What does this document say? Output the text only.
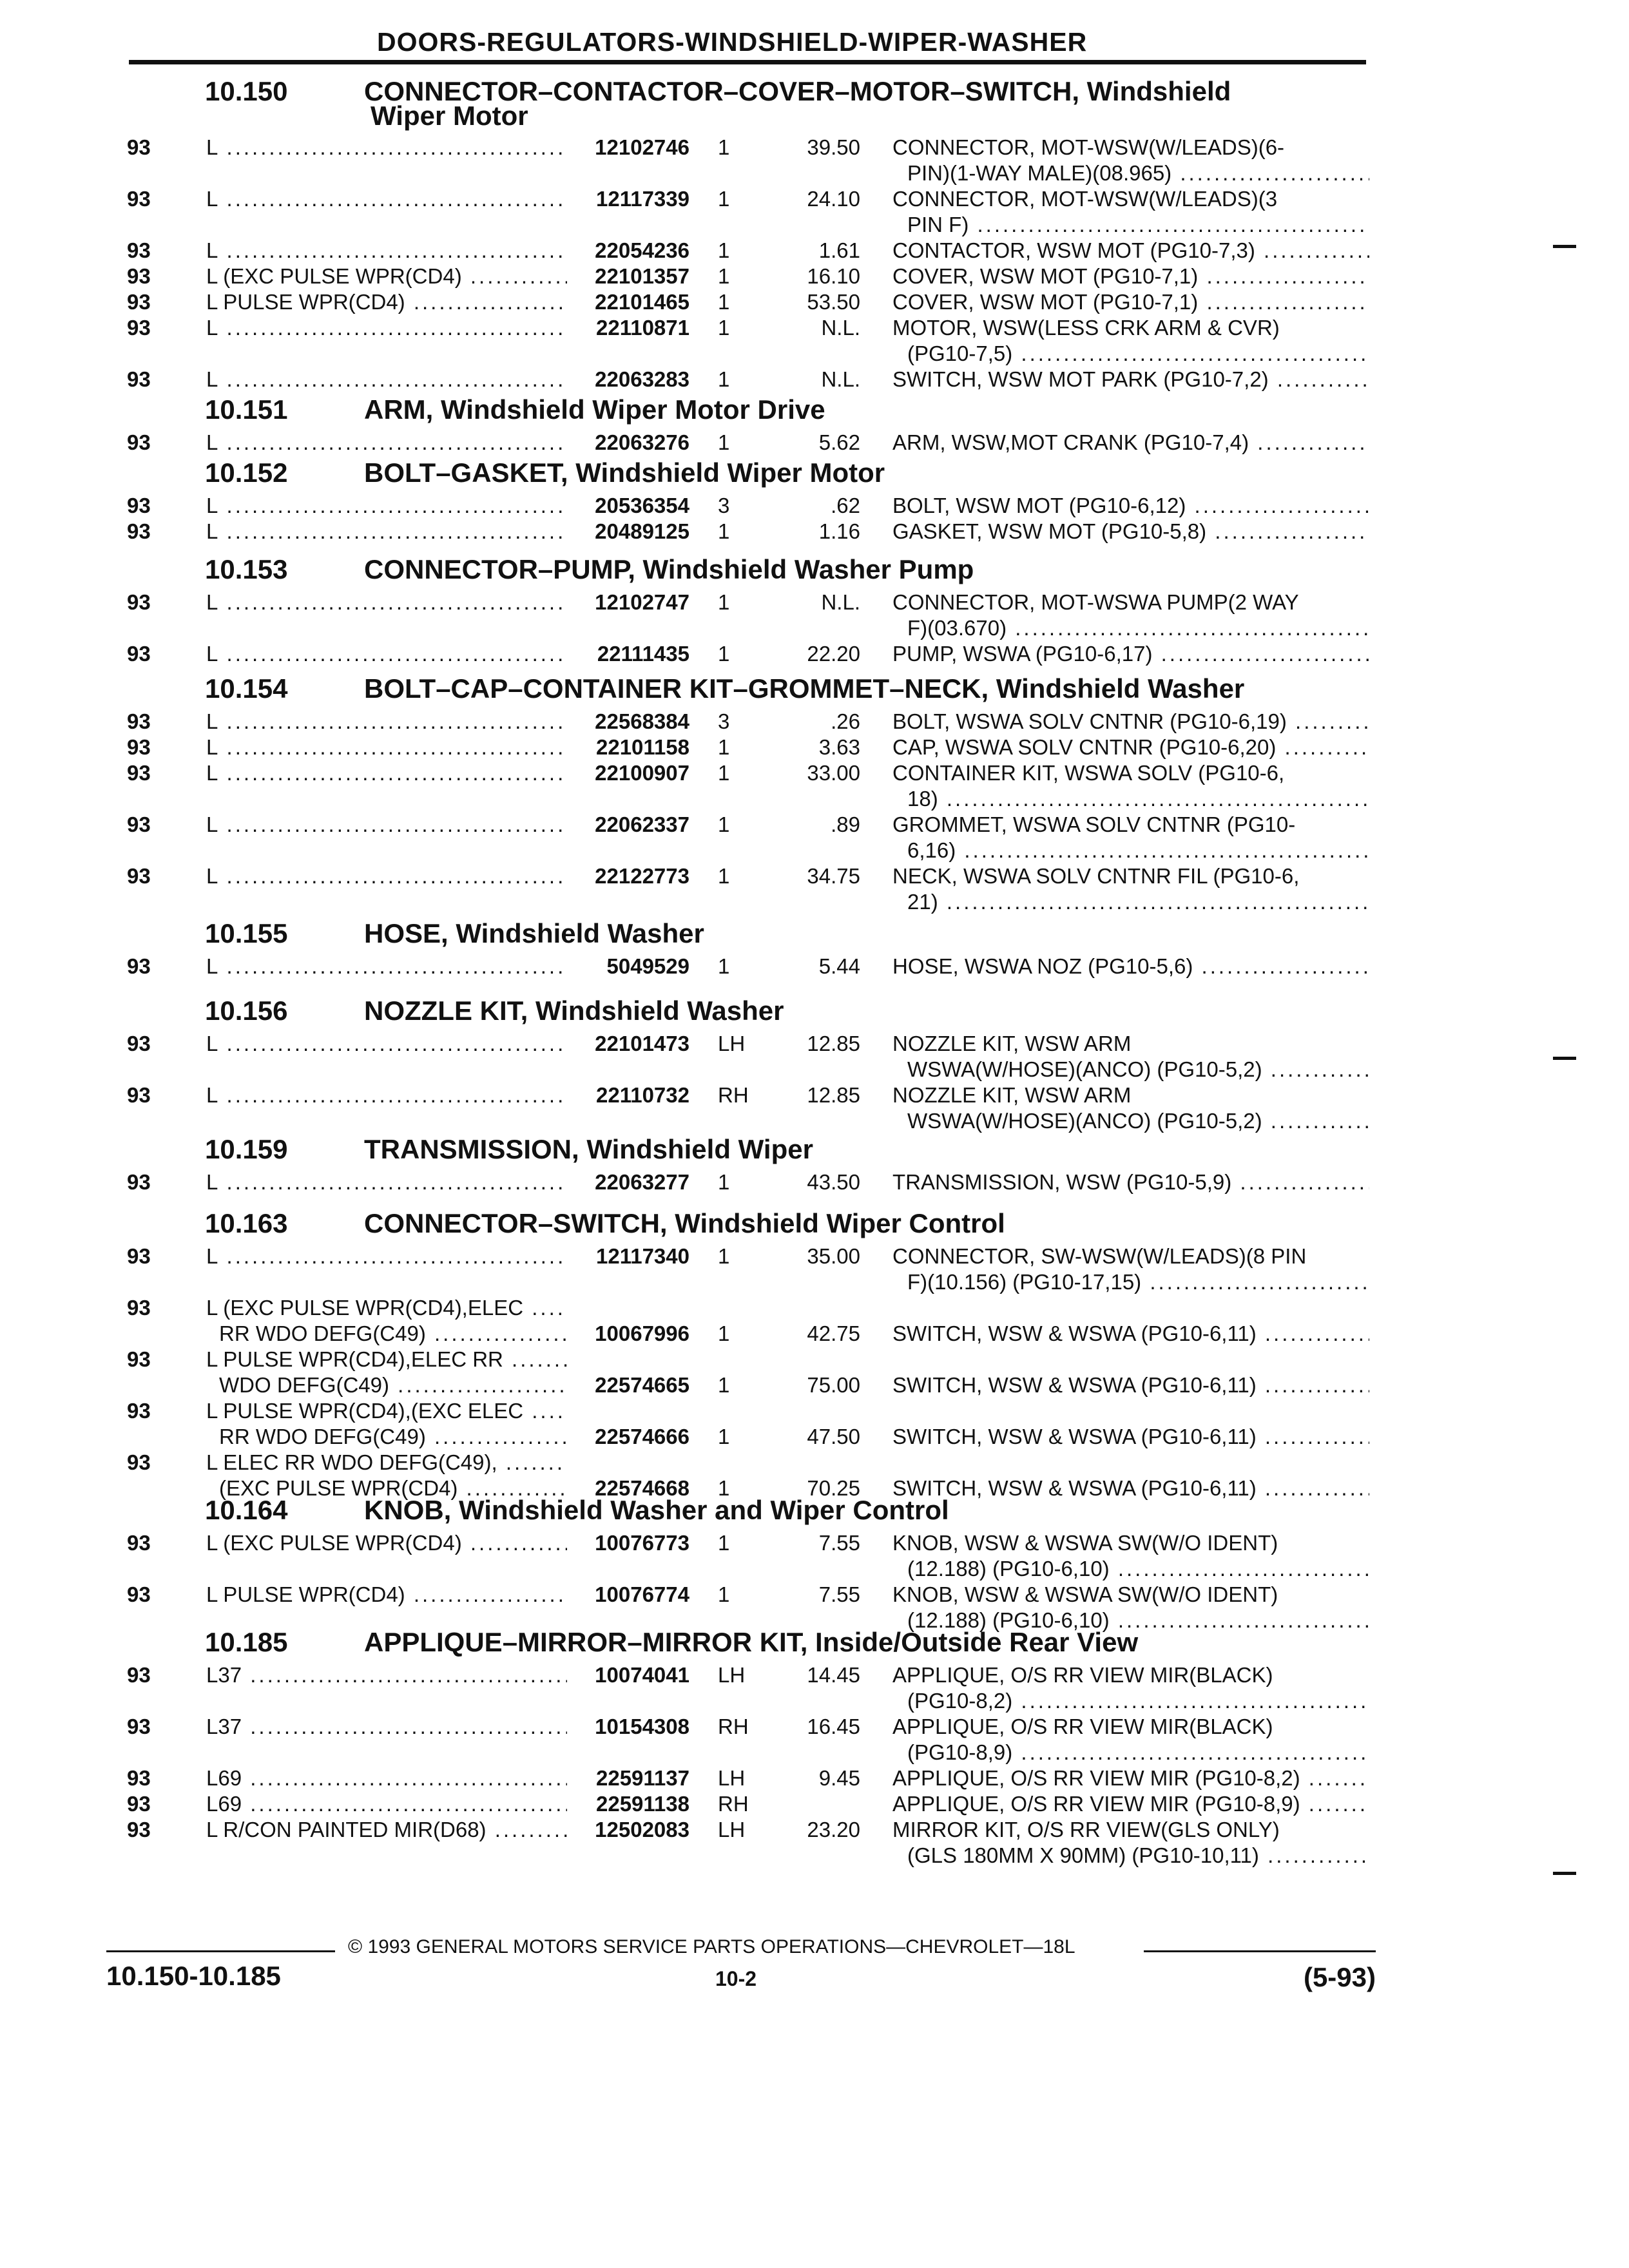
DOORS-REGULATORS-WINDSHIELD-WIPER-WASHER
10.150	CONNECTOR–CONTACTOR–COVER–MOTOR–SWITCH, Windshield
Wiper Motor
93	L .....	12102746 1	39.50 CONNECTOR, MOT-WSW(W/LEADS)(6-
PIN)(1-WAY MALE)(08.965) .....
93	L .....	12117339 1	24.10 CONNECTOR, MOT-WSW(W/LEADS)(3
PIN F) .....
93	L .....	22054236 1	1.61 CONTACTOR, WSW MOT (PG10-7,3) .....
93	L (EXC PULSE WPR(CD4) .....	22101357 1	16.10 COVER, WSW MOT (PG10-7,1) .....
93	L PULSE WPR(CD4) .....	22101465 1	53.50 COVER, WSW MOT (PG10-7,1) .....
93	L .....	22110871 1	N.L. MOTOR, WSW(LESS CRK ARM & CVR)
(PG10-7,5) .....
93	L .....	22063283 1	N.L. SWITCH, WSW MOT PARK (PG10-7,2) .....
10.151	ARM, Windshield Wiper Motor Drive
93	L .....	22063276 1	5.62 ARM, WSW,MOT CRANK (PG10-7,4) .....
10.152	BOLT–GASKET, Windshield Wiper Motor
93	L .....	20536354 3	.62 BOLT, WSW MOT (PG10-6,12) .....
93	L .....	20489125 1	1.16 GASKET, WSW MOT (PG10-5,8) .....
10.153	CONNECTOR–PUMP, Windshield Washer Pump
93	L .....	12102747 1	N.L. CONNECTOR, MOT-WSWA PUMP(2 WAY
F)(03.670) .....
93	L .....	22111435 1	22.20 PUMP, WSWA (PG10-6,17) .....
10.154	BOLT–CAP–CONTAINER KIT–GROMMET–NECK, Windshield Washer
93	L .....	22568384 3	.26 BOLT, WSWA SOLV CNTNR (PG10-6,19) .....
93	L .....	22101158 1	3.63 CAP, WSWA SOLV CNTNR (PG10-6,20) .....
93	L .....	22100907 1	33.00 CONTAINER KIT, WSWA SOLV (PG10-6,
18) .....
93	L .....	22062337 1	.89 GROMMET, WSWA SOLV CNTNR (PG10-
6,16) .....
93	L .....	22122773 1	34.75 NECK, WSWA SOLV CNTNR FIL (PG10-6,
21) .....
10.155	HOSE, Windshield Washer
93	L .....	5049529 1	5.44 HOSE, WSWA NOZ (PG10-5,6) .....
10.156	NOZZLE KIT, Windshield Washer
93	L .....	22101473 LH	12.85 NOZZLE KIT, WSW ARM
WSWA(W/HOSE)(ANCO) (PG10-5,2) .....
93	L .....	22110732 RH	12.85 NOZZLE KIT, WSW ARM
WSWA(W/HOSE)(ANCO) (PG10-5,2) .....
10.159	TRANSMISSION, Windshield Wiper
93	L .....	22063277 1	43.50 TRANSMISSION, WSW (PG10-5,9) .....
10.163	CONNECTOR–SWITCH, Windshield Wiper Control
93	L .....	12117340 1	35.00 CONNECTOR, SW-WSW(W/LEADS)(8 PIN
F)(10.156) (PG10-17,15) .....
93	L (EXC PULSE WPR(CD4),ELEC .....
RR WDO DEFG(C49) .....	10067996 1	42.75 SWITCH, WSW & WSWA (PG10-6,11) .....
93	L PULSE WPR(CD4),ELEC RR .....
WDO DEFG(C49) .....	22574665 1	75.00 SWITCH, WSW & WSWA (PG10-6,11) .....
93	L PULSE WPR(CD4),(EXC ELEC .....
RR WDO DEFG(C49) .....	22574666 1	47.50 SWITCH, WSW & WSWA (PG10-6,11) .....
93	L ELEC RR WDO DEFG(C49), .....
(EXC PULSE WPR(CD4) .....	22574668 1	70.25 SWITCH, WSW & WSWA (PG10-6,11) .....
10.164	KNOB, Windshield Washer and Wiper Control
93	L (EXC PULSE WPR(CD4) .....	10076773 1	7.55 KNOB, WSW & WSWA SW(W/O IDENT)
(12.188) (PG10-6,10) .....
93	L PULSE WPR(CD4) .....	10076774 1	7.55 KNOB, WSW & WSWA SW(W/O IDENT)
(12.188) (PG10-6,10) .....
10.185	APPLIQUE–MIRROR–MIRROR KIT, Inside/Outside Rear View
93	L37 .....	10074041 LH	14.45 APPLIQUE, O/S RR VIEW MIR(BLACK)
(PG10-8,2) .....
93	L37 .....	10154308 RH	16.45 APPLIQUE, O/S RR VIEW MIR(BLACK)
(PG10-8,9) .....
93	L69 .....	22591137 LH	9.45 APPLIQUE, O/S RR VIEW MIR (PG10-8,2) .....
93	L69 .....	22591138 RH	APPLIQUE, O/S RR VIEW MIR (PG10-8,9) .....
93	L R/CON PAINTED MIR(D68) .....	12502083 LH	23.20 MIRROR KIT, O/S RR VIEW(GLS ONLY)
(GLS 180MM X 90MM) (PG10-10,11) .....
© 1993 GENERAL MOTORS SERVICE PARTS OPERATIONS—CHEVROLET—18L
10.150-10.185	10-2	(5-93)
